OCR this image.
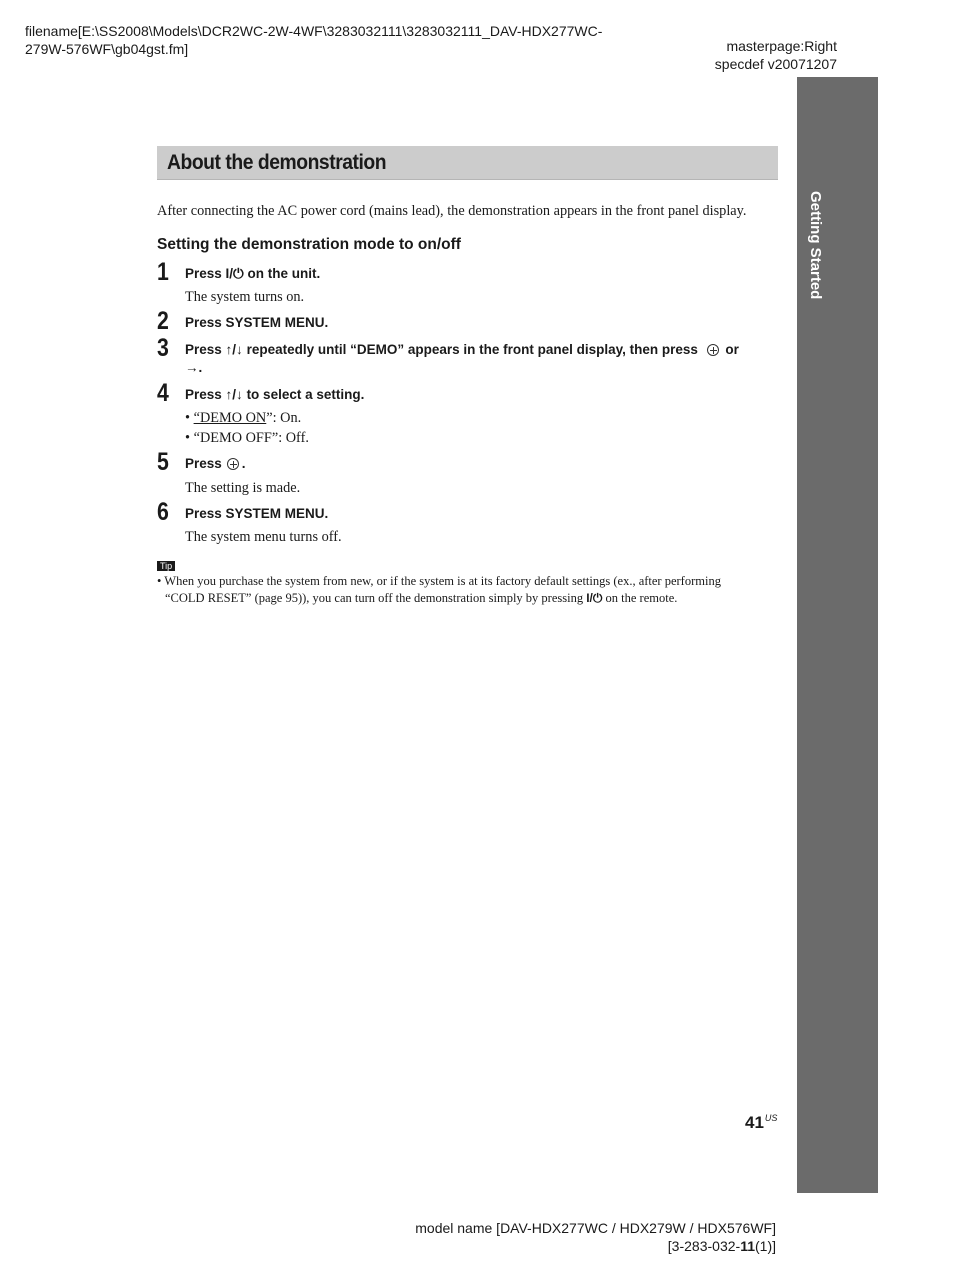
filename[E:\SS2008\Models\DCR2WC-2W-4WF\3283032111\3283032111_DAV-HDX277WC-
279W-576WF\gb04gst.fm]	masterpage:Right
specdef v20071207
Getting Started
About the demonstration
After connecting the AC power cord (mains lead), the demonstration appears in the front panel display.
Setting the demonstration mode to on/off
1 Press I/⏻ on the unit.
The system turns on.
2 Press SYSTEM MENU.
3 Press ↑/↓ repeatedly until “DEMO” appears in the front panel display, then press  or
→.
4 Press ↑/↓ to select a setting.
• “DEMO ON”: On.
• “DEMO OFF”: Off.
5 Press .
The setting is made.
6 Press SYSTEM MENU.
The system menu turns off.
Tip
• When you purchase the system from new, or if the system is at its factory default settings (ex., after performing
“COLD RESET” (page 95)), you can turn off the demonstration simply by pressing I/⏻ on the remote.
$41^{US}$
model name [DAV-HDX277WC / HDX279W / HDX576WF]
[3-283-032-11(1)]
